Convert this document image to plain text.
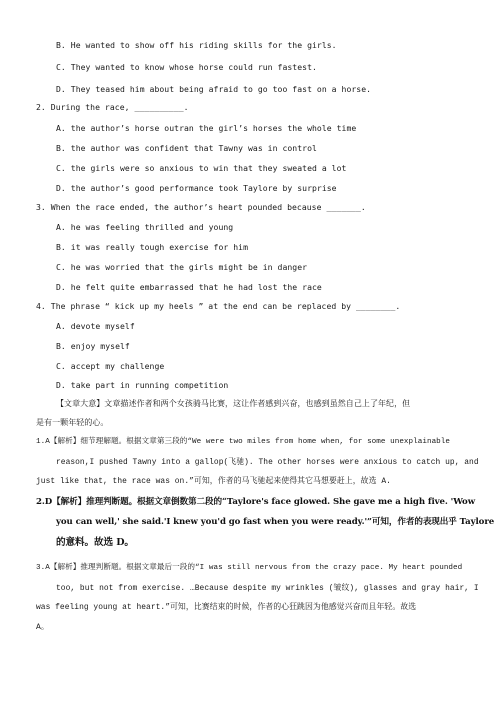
B. He wanted to show off his riding skills for the girls.
C. They wanted to know whose horse could run fastest.
D. They teased him about being afraid to go too fast on a horse.
2. During the race, __________.
A. the author’s horse outran the girl’s horses the whole time
B. the author was confident that Tawny was in control
C. the girls were so anxious to win that they sweated a lot
D. the author’s good performance took Taylore by surprise
3. When the race ended, the author’s heart pounded because _______.
A. he was feeling thrilled and young
B. it was really tough exercise for him
C. he was worried that the girls might be in danger
D. he felt quite embarrassed that he had lost the race
4. The phrase “ kick up my heels ” at the end can be replaced by ________.
A. devote myself
B. enjoy myself
C. accept my challenge
D. take part in running competition
【文章大意】文章描述作者和两个女孩骑马比赛，这让作者感到兴奋，也感到虽然自己上了年纪，但
是有一颗年轻的心。
1.A【解析】细节理解题。根据文章第三段的“We were two miles from home when, for some unexplainable
reason,I pushed Tawny into a gallop(飞驰). The other horses were anxious to catch up, and
just like that, the race was on.”可知，作者的马飞驰起来使得其它马想要赶上，故选 A.
2.D【解析】推理判断题。根据文章倒数第二段的“Taylore's face glowed. She gave me a high five. 'Wow
you can well,' she said.'I knew you'd go fast when you were ready.'”可知，作者的表现出乎 Taylore
的意料。故选 D。
3.A【解析】推理判断题。根据文章最后一段的“I was still nervous from the crazy pace. My heart pounded
too, but not from exercise. …Because despite my wrinkles (皱纹), glasses and gray hair, I
was feeling young at heart.”可知，比赛结束的时候，作者的心狂跳因为他感觉兴奋而且年轻。故选
A。
